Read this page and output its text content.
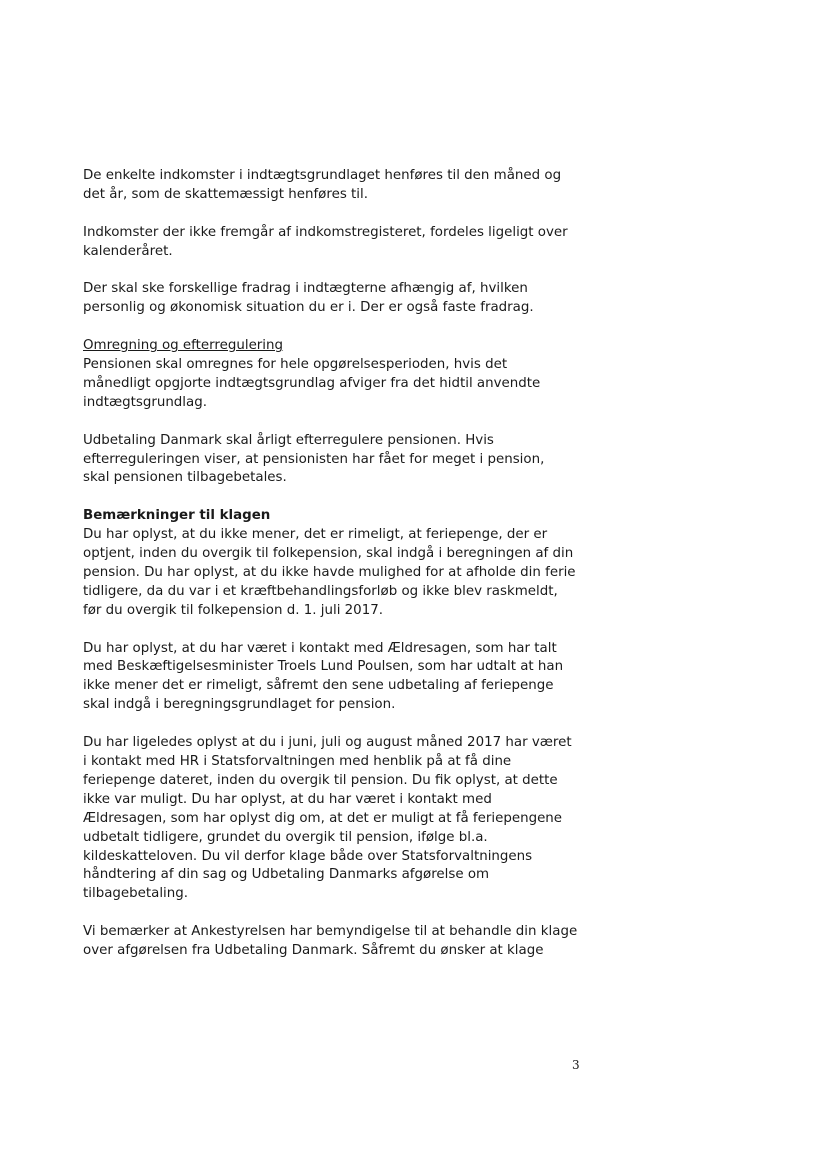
De enkelte indkomster i indtægtsgrundlaget henføres til den måned og
det år, som de skattemæssigt henføres til.
Indkomster der ikke fremgår af indkomstregisteret, fordeles ligeligt over
kalenderåret.
Der skal ske forskellige fradrag i indtægterne afhængig af, hvilken
personlig og økonomisk situation du er i. Der er også faste fradrag.
Omregning og efterregulering
Pensionen skal omregnes for hele opgørelsesperioden, hvis det
månedligt opgjorte indtægtsgrundlag afviger fra det hidtil anvendte
indtægtsgrundlag.
Udbetaling Danmark skal årligt efterregulere pensionen. Hvis
efterreguleringen viser, at pensionisten har fået for meget i pension,
skal pensionen tilbagebetales.
Bemærkninger til klagen
Du har oplyst, at du ikke mener, det er rimeligt, at feriepenge, der er
optjent, inden du overgik til folkepension, skal indgå i beregningen af din
pension. Du har oplyst, at du ikke havde mulighed for at afholde din ferie
tidligere, da du var i et kræftbehandlingsforløb og ikke blev raskmeldt,
før du overgik til folkepension d. 1. juli 2017.
Du har oplyst, at du har været i kontakt med Ældresagen, som har talt
med Beskæftigelsesminister Troels Lund Poulsen, som har udtalt at han
ikke mener det er rimeligt, såfremt den sene udbetaling af feriepenge
skal indgå i beregningsgrundlaget for pension.
Du har ligeledes oplyst at du i juni, juli og august måned 2017 har været
i kontakt med HR i Statsforvaltningen med henblik på at få dine
feriepenge dateret, inden du overgik til pension. Du fik oplyst, at dette
ikke var muligt. Du har oplyst, at du har været i kontakt med
Ældresagen, som har oplyst dig om, at det er muligt at få feriepengene
udbetalt tidligere, grundet du overgik til pension, ifølge bl.a.
kildeskatteloven. Du vil derfor klage både over Statsforvaltningens
håndtering af din sag og Udbetaling Danmarks afgørelse om
tilbagebetaling.
Vi bemærker at Ankestyrelsen har bemyndigelse til at behandle din klage
over afgørelsen fra Udbetaling Danmark. Såfremt du ønsker at klage
3
